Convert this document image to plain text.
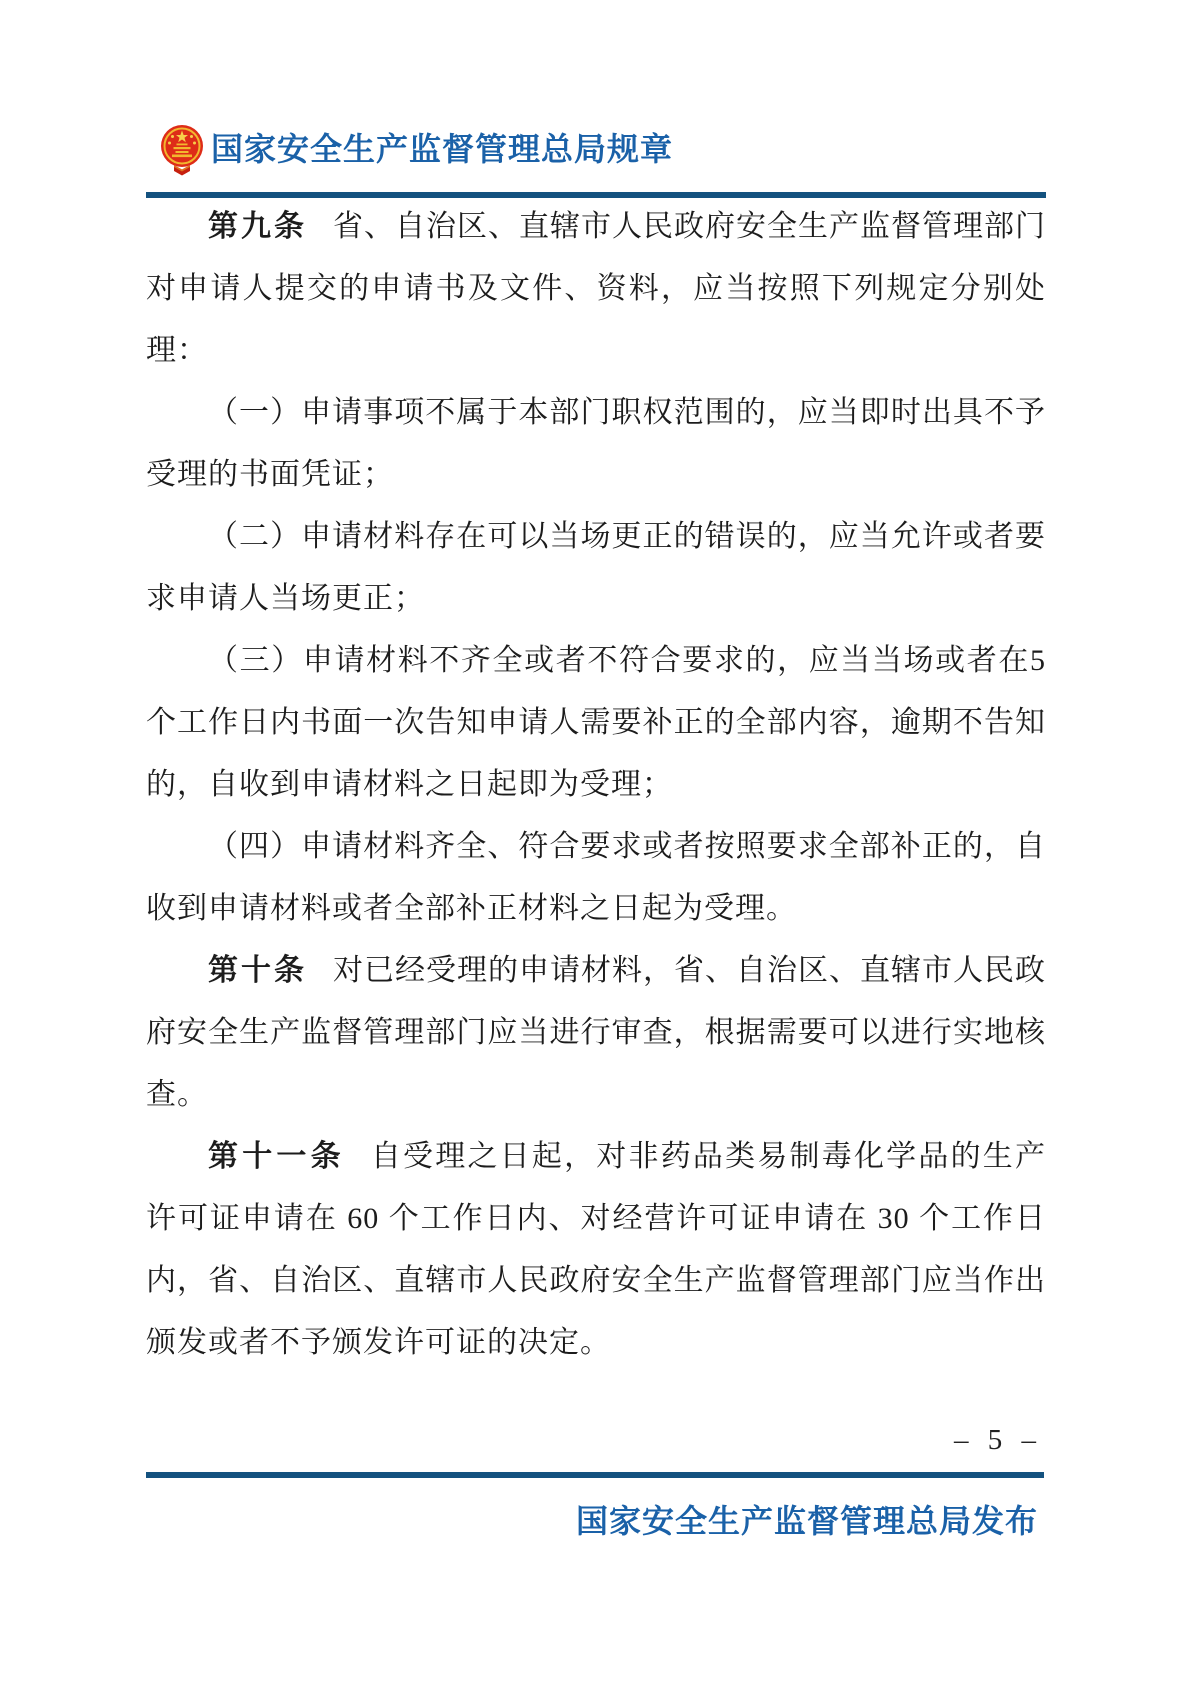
国家安全生产监督管理总局规章

第九条 省、自治区、直辖市人民政府安全生产监督管理部门对申请人提交的申请书及文件、资料，应当按照下列规定分别处理：

（一）申请事项不属于本部门职权范围的，应当即时出具不予受理的书面凭证；

（二）申请材料存在可以当场更正的错误的，应当允许或者要求申请人当场更正；

（三）申请材料不齐全或者不符合要求的，应当当场或者在5 个工作日内书面一次告知申请人需要补正的全部内容，逾期不告知的，自收到申请材料之日起即为受理；

（四）申请材料齐全、符合要求或者按照要求全部补正的，自收到申请材料或者全部补正材料之日起为受理。

第十条 对已经受理的申请材料，省、自治区、直辖市人民政府安全生产监督管理部门应当进行审查，根据需要可以进行实地核查。

第十一条 自受理之日起，对非药品类易制毒化学品的生产许可证申请在 60 个工作日内、对经营许可证申请在 30 个工作日内，省、自治区、直辖市人民政府安全生产监督管理部门应当作出颁发或者不予颁发许可证的决定。

– 5 –
国家安全生产监督管理总局发布
